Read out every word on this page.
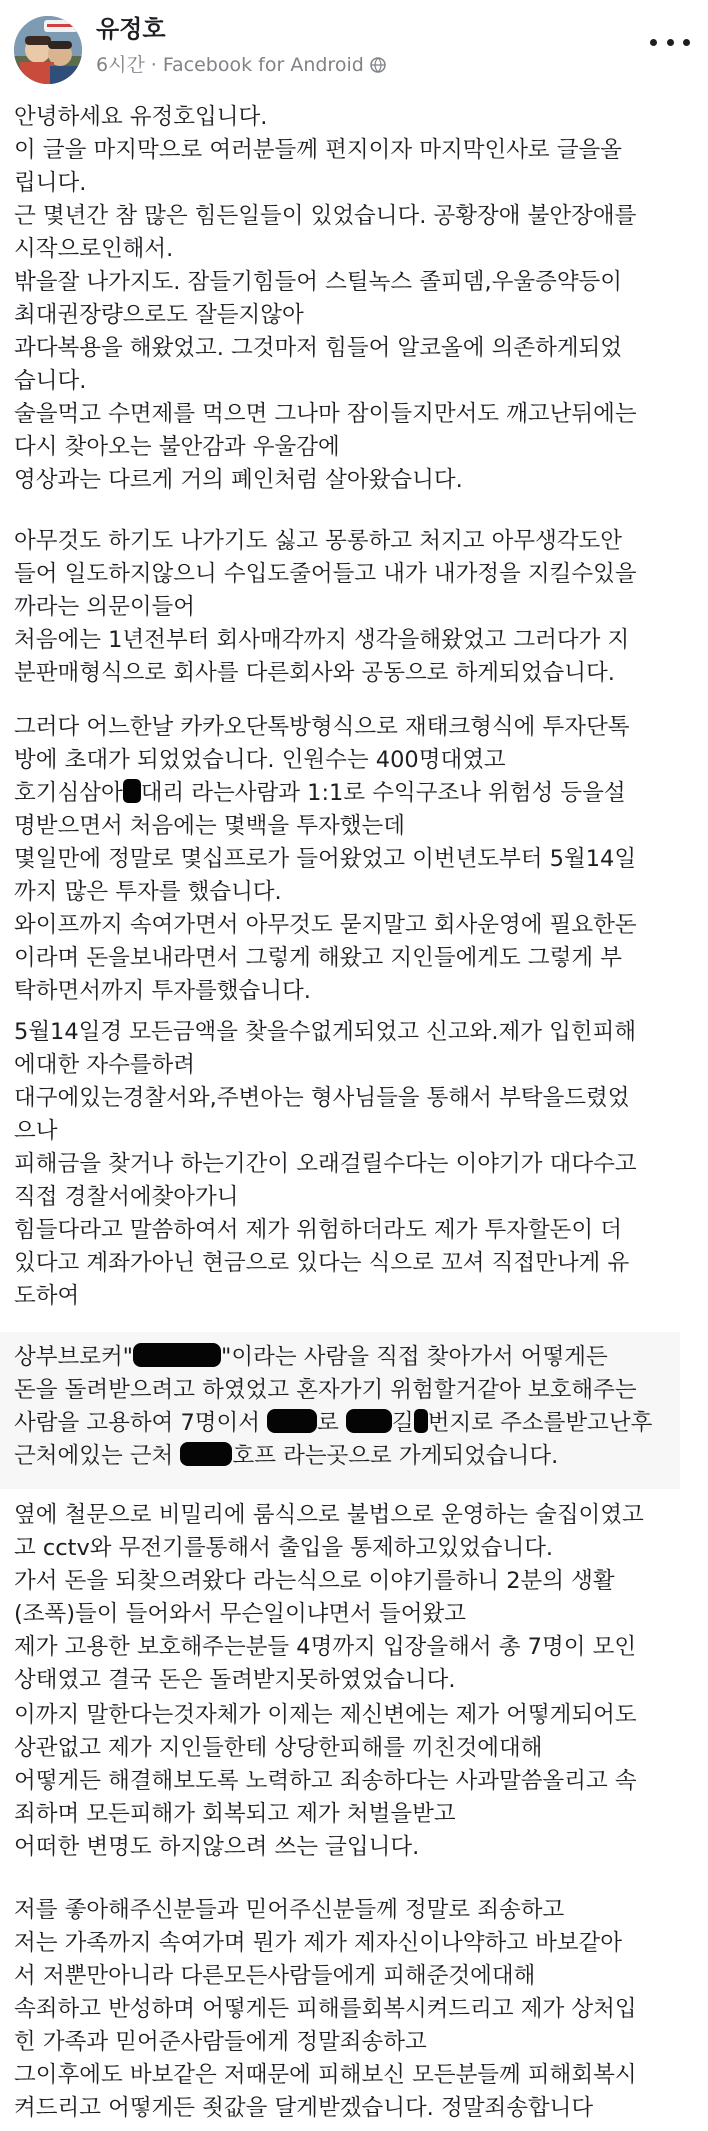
유정호
6시간 · Facebook for Android
안녕하세요 유정호입니다.
이 글을 마지막으로 여러분들께 편지이자 마지막인사로 글을올
립니다.
근 몇년간 참 많은 힘든일들이 있었습니다. 공황장애 불안장애를
시작으로인해서.
밖을잘 나가지도. 잠들기힘들어 스틸녹스 졸피뎀,우울증약등이
최대권장량으로도 잘듣지않아
과다복용을 해왔었고. 그것마저 힘들어 알코올에 의존하게되었
습니다.
술을먹고 수면제를 먹으면 그나마 잠이들지만서도 깨고난뒤에는
다시 찾아오는 불안감과 우울감에
영상과는 다르게 거의 폐인처럼 살아왔습니다.
아무것도 하기도 나가기도 싫고 몽롱하고 처지고 아무생각도안
들어 일도하지않으니 수입도줄어들고 내가 내가정을 지킬수있을
까라는 의문이들어
처음에는 1년전부터 회사매각까지 생각을해왔었고 그러다가 지
분판매형식으로 회사를 다른회사와 공동으로 하게되었습니다.
그러다 어느한날 카카오단톡방형식으로 재태크형식에 투자단톡
방에 초대가 되었었습니다. 인원수는 400명대였고
호기심삼아 대리 라는사람과 1:1로 수익구조나 위험성 등을설
명받으면서 처음에는 몇백을 투자했는데
몇일만에 정말로 몇십프로가 들어왔었고 이번년도부터 5월14일
까지 많은 투자를 했습니다.
와이프까지 속여가면서 아무것도 묻지말고 회사운영에 필요한돈
이라며 돈을보내라면서 그렇게 해왔고 지인들에게도 그렇게 부
탁하면서까지 투자를했습니다.
5월14일경 모든금액을 찾을수없게되었고 신고와.제가 입힌피해
에대한 자수를하려
대구에있는경찰서와,주변아는 형사님들을 통해서 부탁을드렸었
으나
피해금을 찾거나 하는기간이 오래걸릴수다는 이야기가 대다수고
직접 경찰서에찾아가니
힘들다라고 말씀하여서 제가 위험하더라도 제가 투자할돈이 더
있다고 계좌가아닌 현금으로 있다는 식으로 꼬셔 직접만나게 유
도하여
상부브로커"	"이라는 사람을 직접 찾아가서 어떻게든
돈을 돌려받으려고 하였었고 혼자가기 위험할거같아 보호해주는
사람을 고용하여 7명이서	로 길 번지로 주소를받고난후
근처에있는 근처	호프 라는곳으로 가게되었습니다.
옆에 철문으로 비밀리에 룸식으로 불법으로 운영하는 술집이였고
고 cctv와 무전기를통해서 출입을 통제하고있었습니다.
가서 돈을 되찾으려왔다 라는식으로 이야기를하니 2분의 생활
(조폭)들이 들어와서 무슨일이냐면서 들어왔고
제가 고용한 보호해주는분들 4명까지 입장을해서 총 7명이 모인
상태였고 결국 돈은 돌려받지못하였었습니다.
이까지 말한다는것자체가 이제는 제신변에는 제가 어떻게되어도
상관없고 제가 지인들한테 상당한피해를 끼친것에대해
어떻게든 해결해보도록 노력하고 죄송하다는 사과말씀올리고 속
죄하며 모든피해가 회복되고 제가 처벌을받고
어떠한 변명도 하지않으려 쓰는 글입니다.
저를 좋아해주신분들과 믿어주신분들께 정말로 죄송하고
저는 가족까지 속여가며 뭔가 제가 제자신이나약하고 바보같아
서 저뿐만아니라 다른모든사람들에게 피해준것에대해
속죄하고 반성하며 어떻게든 피해를회복시켜드리고 제가 상처입
힌 가족과 믿어준사람들에게 정말죄송하고
그이후에도 바보같은 저때문에 피해보신 모든분들께 피해회복시
켜드리고 어떻게든 죗값을 달게받겠습니다. 정말죄송합니다
